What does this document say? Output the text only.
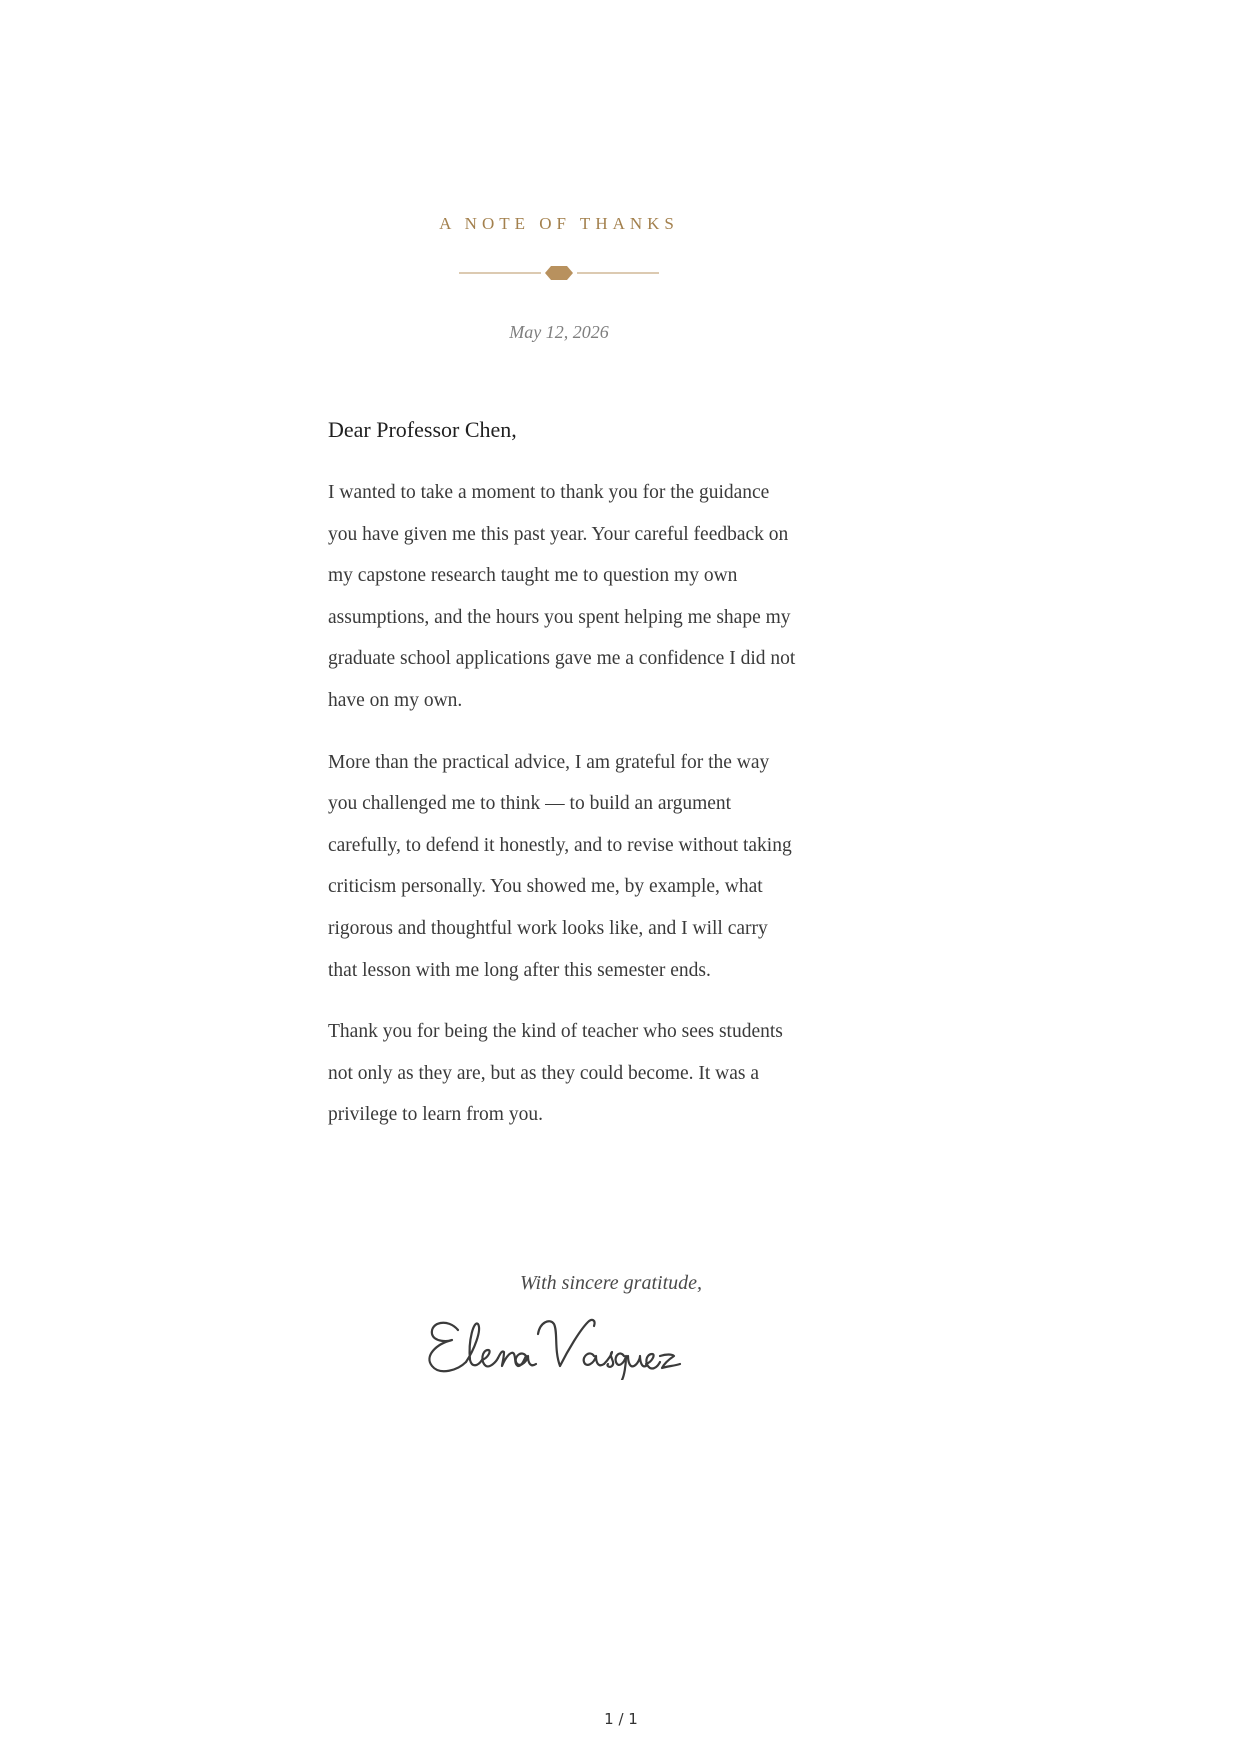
A NOTE OF THANKS
May 12, 2026

Dear Professor Chen,

I wanted to take a moment to thank you for the guidance you have given me this past year. Your careful feedback on my capstone research taught me to question my own assumptions, and the hours you spent helping me shape my graduate school applications gave me a confidence I did not have on my own.

More than the practical advice, I am grateful for the way you challenged me to think — to build an argument carefully, to defend it honestly, and to revise without taking criticism personally. You showed me, by example, what rigorous and thoughtful work looks like, and I will carry that lesson with me long after this semester ends.

Thank you for being the kind of teacher who sees students not only as they are, but as they could become. It was a privilege to learn from you.

With sincere gratitude,
1 / 1
